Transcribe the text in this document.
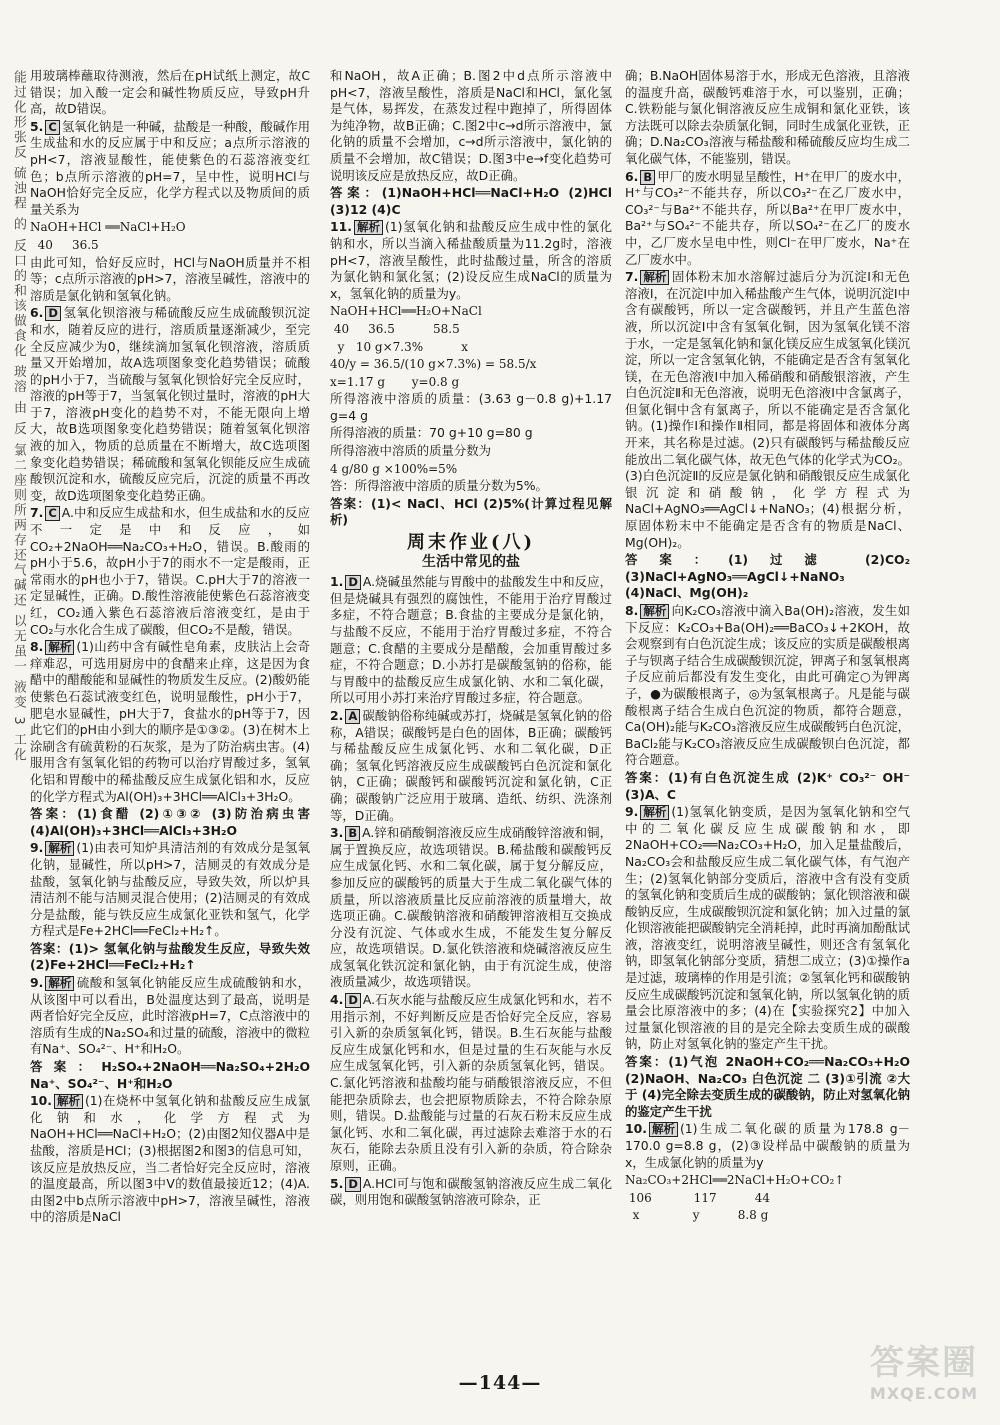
能过化形张反 硫浊程 的 反口的和该做食化 玻溶 由 反 氯二座则所两存还气碱还 以无虽一 液变 3 工化 用玻璃棒蘸取待测液，然后在pH试纸上测定，故C错误；加入酸一定会和碱性物质反应，导致pH升高，故D错误。

5. C 氢氧化钠是一种碱，盐酸是一种酸，酸碱作用生成盐和水的反应属于中和反应；a点所示溶液的pH<7，溶液显酸性，能使紫色的石蕊溶液变红色；b点所示溶液的pH=7，呈中性，说明HCl与NaOH恰好完全反应，化学方程式以及物质间的质量关系为

NaOH+HCl ══NaCl+H₂O

40     36.5

由此可知，恰好反应时，HCl与NaOH质量并不相等；c点所示溶液的pH>7，溶液呈碱性，溶液中的溶质是氯化钠和氢氧化钠。

6. D 氢氧化钡溶液与稀硫酸反应生成硫酸钡沉淀和水，随着反应的进行，溶质质量逐渐减少，至完全反应减少为0，继续滴加氢氧化钡溶液，溶质质量又开始增加，故A选项图象变化趋势错误；硫酸的pH小于7，当硫酸与氢氧化钡恰好完全反应时，溶液的pH等于7，当氢氧化钡过量时，溶液的pH大于7，溶液pH变化的趋势不对，不能无限向上增大，故B选项图象变化趋势错误；随着氢氧化钡溶液的加入，物质的总质量在不断增大，故C选项图象变化趋势错误；稀硫酸和氢氧化钡能反应生成硫酸钡沉淀和水，硫酸反应完后，沉淀的质量不再改变，故D选项图象变化趋势正确。

7. C A.中和反应生成盐和水，但生成盐和水的反应不一定是中和反应，如CO₂+2NaOH══Na₂CO₃+H₂O，错误。B.酸雨的pH小于5.6，故pH小于7的雨水不一定是酸雨，正常雨水的pH也小于7，错误。C.pH大于7的溶液一定显碱性，正确。D.酸性溶液能使紫色石蕊溶液变红，CO₂通入紫色石蕊溶液后溶液变红，是由于CO₂与水化合生成了碳酸，但CO₂不是酸，错误。

8. 解析 (1)山药中含有碱性皂角素，皮肤沾上会奇痒难忍，可选用厨房中的食醋来止痒，这是因为食醋中的醋酸能和显碱性的物质发生反应。(2)酸奶能使紫色石蕊试液变红色，说明显酸性，pH小于7，肥皂水显碱性，pH大于7，食盐水的pH等于7，因此它们的pH由小到大的顺序是①③②。(3)在树木上涂刷含有硫黄粉的石灰浆，是为了防治病虫害。(4)服用含有氢氧化铝的药物可以治疗胃酸过多，氢氧化铝和胃酸中的稀盐酸反应生成氯化铝和水，反应的化学方程式为Al(OH)₃+3HCl══AlCl₃+3H₂O。

答案：(1)食醋 (2)①③② (3)防治病虫害 (4)Al(OH)₃+3HCl══AlCl₃+3H₂O

9. 解析 (1)由表可知炉具清洁剂的有效成分是氢氧化钠，显碱性，所以pH>7，洁厕灵的有效成分是盐酸，氢氧化钠与盐酸反应，导致失效，所以炉具清洁剂不能与洁厕灵混合使用；(2)洁厕灵的有效成分是盐酸，能与铁反应生成氯化亚铁和氢气，化学方程式是Fe+2HCl══FeCl₂+H₂↑。

答案：(1)> 氢氧化钠与盐酸发生反应，导致失效 (2)Fe+2HCl══FeCl₂+H₂↑

9. 解析 硫酸和氢氧化钠能反应生成硫酸钠和水，从该图中可以看出，B处温度达到了最高，说明是两者恰好完全反应，此时溶液pH=7，C点溶液中的溶质有生成的Na₂SO₄和过量的硫酸，溶液中的微粒有Na⁺、SO₄²⁻、H⁺和H₂O。

答案：H₂SO₄+2NaOH══Na₂SO₄+2H₂O Na⁺、SO₄²⁻、H⁺和H₂O

10. 解析 (1)在烧杯中氢氧化钠和盐酸反应生成氯化钠和水，化学方程式为NaOH+HCl══NaCl+H₂O；(2)由图2知仪器A中是盐酸，溶质是HCl；(3)根据图2和图3的信息可知，该反应是放热反应，当二者恰好完全反应时，溶液的温度最高，所以图3中V的数值最接近12；(4)A.由图2中b点所示溶液中pH>7，溶液呈碱性，溶液中的溶质是NaCl

和NaOH，故A正确；B.图2中d点所示溶液中pH<7，溶液呈酸性，溶质是NaCl和HCl，氯化氢是气体，易挥发，在蒸发过程中跑掉了，所得固体为纯净物，故B正确；C.图2中c→d所示溶液中，氯化钠的质量不会增加，c→d所示溶液中，氯化钠的质量不会增加，故C错误；D.图3中e→f变化趋势可说明该反应是放热反应，故D正确。

答案：(1)NaOH+HCl══NaCl+H₂O (2)HCl (3)12 (4)C

11. 解析 (1)氢氧化钠和盐酸反应生成中性的氯化钠和水，所以当滴入稀盐酸质量为11.2g时，溶液pH<7，溶液呈酸性，此时盐酸过量，所含的溶质为氯化钠和氯化氢；(2)设反应生成NaCl的质量为x，氢氧化钠的质量为y。

NaOH+HCl══H₂O+NaCl

40     36.5          58.5

y   10 g×7.3%          x

40/y = 36.5/(10 g×7.3%) = 58.5/x

x=1.17 g       y=0.8 g

所得溶液中溶质的质量：(3.63 g－0.8 g)+1.17 g=4 g

所得溶液的质量：70 g+10 g=80 g

所得溶液中溶质的质量分数为

4 g/80 g ×100%=5%

答：所得溶液中溶质的质量分数为5%。

答案：(1)< NaCl、HCl (2)5%(计算过程见解析)

周末作业(八)
生活中常见的盐

1. D A.烧碱虽然能与胃酸中的盐酸发生中和反应，但是烧碱具有强烈的腐蚀性，不能用于治疗胃酸过多症，不符合题意；B.食盐的主要成分是氯化钠，与盐酸不反应，不能用于治疗胃酸过多症，不符合题意；C.食醋的主要成分是醋酸，会加重胃酸过多症，不符合题意；D.小苏打是碳酸氢钠的俗称，能与胃酸中的盐酸反应生成氯化钠、水和二氧化碳，所以可用小苏打来治疗胃酸过多症，符合题意。

2. A 碳酸钠俗称纯碱或苏打，烧碱是氢氧化钠的俗称，A错误；碳酸钙是白色的固体，B正确；碳酸钙与稀盐酸反应生成氯化钙、水和二氧化碳，D正确；氢氧化钙溶液反应生成碳酸钙白色沉淀和氯化钠，C正确；碳酸钙和碳酸钙沉淀和氯化钠，C正确；碳酸钠广泛应用于玻璃、造纸、纺织、洗涤剂等，D正确。

3. B A.锌和硝酸铜溶液反应生成硝酸锌溶液和铜，属于置换反应，故选项错误。B.稀盐酸和碳酸钙反应生成氯化钙、水和二氧化碳，属于复分解反应，参加反应的碳酸钙的质量大于生成二氧化碳气体的质量，所以溶液质量比反应前溶液的质量增大，故选项正确。C.碳酸钠溶液和硝酸钾溶液相互交换成分没有沉淀、气体或水生成，不能发生复分解反应，故选项错误。D.氯化铁溶液和烧碱溶液反应生成氢氧化铁沉淀和氯化钠，由于有沉淀生成，使溶液质量减少，故选项错误。

4. D A.石灰水能与盐酸反应生成氯化钙和水，若不用指示剂，不好判断反应是否恰好完全反应，容易引入新的杂质氢氧化钙，错误。B.生石灰能与盐酸反应生成氯化钙和水，但是过量的生石灰能与水反应生成氢氧化钙，引入新的杂质氢氧化钙，错误。C.氯化钙溶液和盐酸均能与硝酸银溶液反应，不但能把杂质除去，也会把原物质除去，不符合除杂原则，错误。D.盐酸能与过量的石灰石粉末反应生成氯化钙、水和二氧化碳，再过滤除去难溶于水的石灰石，能除去杂质且没有引入新的杂质，符合除杂原则，正确。

5. D A.HCl可与饱和碳酸氢钠溶液反应生成二氧化碳，则用饱和碳酸氢钠溶液可除杂，正

确；B.NaOH固体易溶于水，形成无色溶液，且溶液的温度升高，碳酸钙难溶于水，可以鉴别，正确；C.铁粉能与氯化铜溶液反应生成铜和氯化亚铁，该方法既可以除去杂质氯化铜，同时生成氯化亚铁，正确；D.Na₂CO₃溶液与稀盐酸和稀硫酸反应均生成二氧化碳气体，不能鉴别，错误。

6. B 甲厂的废水明显呈酸性，H⁺在甲厂的废水中，H⁺与CO₃²⁻不能共存，所以CO₃²⁻在乙厂废水中，CO₃²⁻与Ba²⁺不能共存，所以Ba²⁺在甲厂废水中，Ba²⁺与SO₄²⁻不能共存，所以SO₄²⁻在乙厂的废水中，乙厂废水呈电中性，则Cl⁻在甲厂废水，Na⁺在乙厂废水中。

7. 解析 固体粉末加水溶解过滤后分为沉淀Ⅰ和无色溶液Ⅰ，在沉淀Ⅰ中加入稀盐酸产生气体，说明沉淀Ⅰ中含有碳酸钙，所以一定含碳酸钙，并且产生蓝色溶液，所以沉淀Ⅰ中含有氢氧化铜，因为氢氧化镁不溶于水，一定是氢氧化钠和氯化镁反应生成氢氧化镁沉淀，所以一定含氢氧化钠，不能确定是否含有氢氧化镁，在无色溶液Ⅰ中加入稀硝酸和硝酸银溶液，产生白色沉淀Ⅱ和无色溶液，说明无色溶液Ⅰ中含氯离子，但氯化铜中含有氯离子，所以不能确定是否含氯化钠。(1)操作Ⅰ和操作Ⅱ相同，都是将固体和液体分离开来，其名称是过滤。(2)只有碳酸钙与稀盐酸反应能放出二氧化碳气体，故无色气体的化学式为CO₂。(3)白色沉淀Ⅱ的反应是氯化钠和硝酸银反应生成氯化银沉淀和硝酸钠，化学方程式为NaCl+AgNO₃══AgCl↓+NaNO₃；(4)根据分析，原固体粉末中不能确定是否含有的物质是NaCl、Mg(OH)₂。

答案：(1)过滤 (2)CO₂ (3)NaCl+AgNO₃══AgCl↓+NaNO₃ (4)NaCl、Mg(OH)₂

8. 解析 向K₂CO₃溶液中滴入Ba(OH)₂溶液，发生如下反应：K₂CO₃+Ba(OH)₂══BaCO₃↓+2KOH，故会观察到有白色沉淀生成；该反应的实质是碳酸根离子与钡离子结合生成碳酸钡沉淀，钾离子和氢氧根离子反应前后都没有发生变化，由此可确定○为钾离子，●为碳酸根离子，◎为氢氧根离子。凡是能与碳酸根离子结合生成白色沉淀的物质，都符合题意，Ca(OH)₂能与K₂CO₃溶液反应生成碳酸钙白色沉淀，BaCl₂能与K₂CO₃溶液反应生成碳酸钡白色沉淀，都符合题意。

答案：(1)有白色沉淀生成 (2)K⁺ CO₃²⁻ OH⁻ (3)A、C

9. 解析 (1)氢氧化钠变质，是因为氢氧化钠和空气中的二氧化碳反应生成碳酸钠和水，即2NaOH+CO₂══Na₂CO₃+H₂O，加入足量盐酸后，Na₂CO₃会和盐酸反应生成二氧化碳气体，有气泡产生；(2)氢氧化钠部分变质后，溶液中含有没有变质的氢氧化钠和变质后生成的碳酸钠；氯化钡溶液和碳酸钠反应，生成碳酸钡沉淀和氯化钠；加入过量的氯化钡溶液能把碳酸钠完全消耗掉，此时再滴加酚酞试液，溶液变红，说明溶液呈碱性，则还含有氢氧化钠，即氢氧化钠部分变质，猜想二成立；(3)①操作a是过滤，玻璃棒的作用是引流；②氢氧化钙和碳酸钠反应生成碳酸钙沉淀和氢氧化钠，所以氢氧化钠的质量会比原溶液中的多；(4)在【实验探究2】中加入过量氯化钡溶液的目的是完全除去变质生成的碳酸钠，防止对氢氧化钠的鉴定产生干扰。

答案：(1)气泡 2NaOH+CO₂══Na₂CO₃+H₂O (2)NaOH、Na₂CO₃ 白色沉淀 二 (3)①引流 ②大于 (4)完全除去变质生成的碳酸钠，防止对氢氧化钠的鉴定产生干扰

10. 解析 (1)生成二氧化碳的质量为178.8 g－170.0 g=8.8 g，(2)③设样品中碳酸钠的质量为x，生成氯化钠的质量为y

Na₂CO₃+2HCl══2NaCl+H₂O+CO₂↑

106           117          44

x              y          8.8 g

—144—	答案圈
MXQE.COM
